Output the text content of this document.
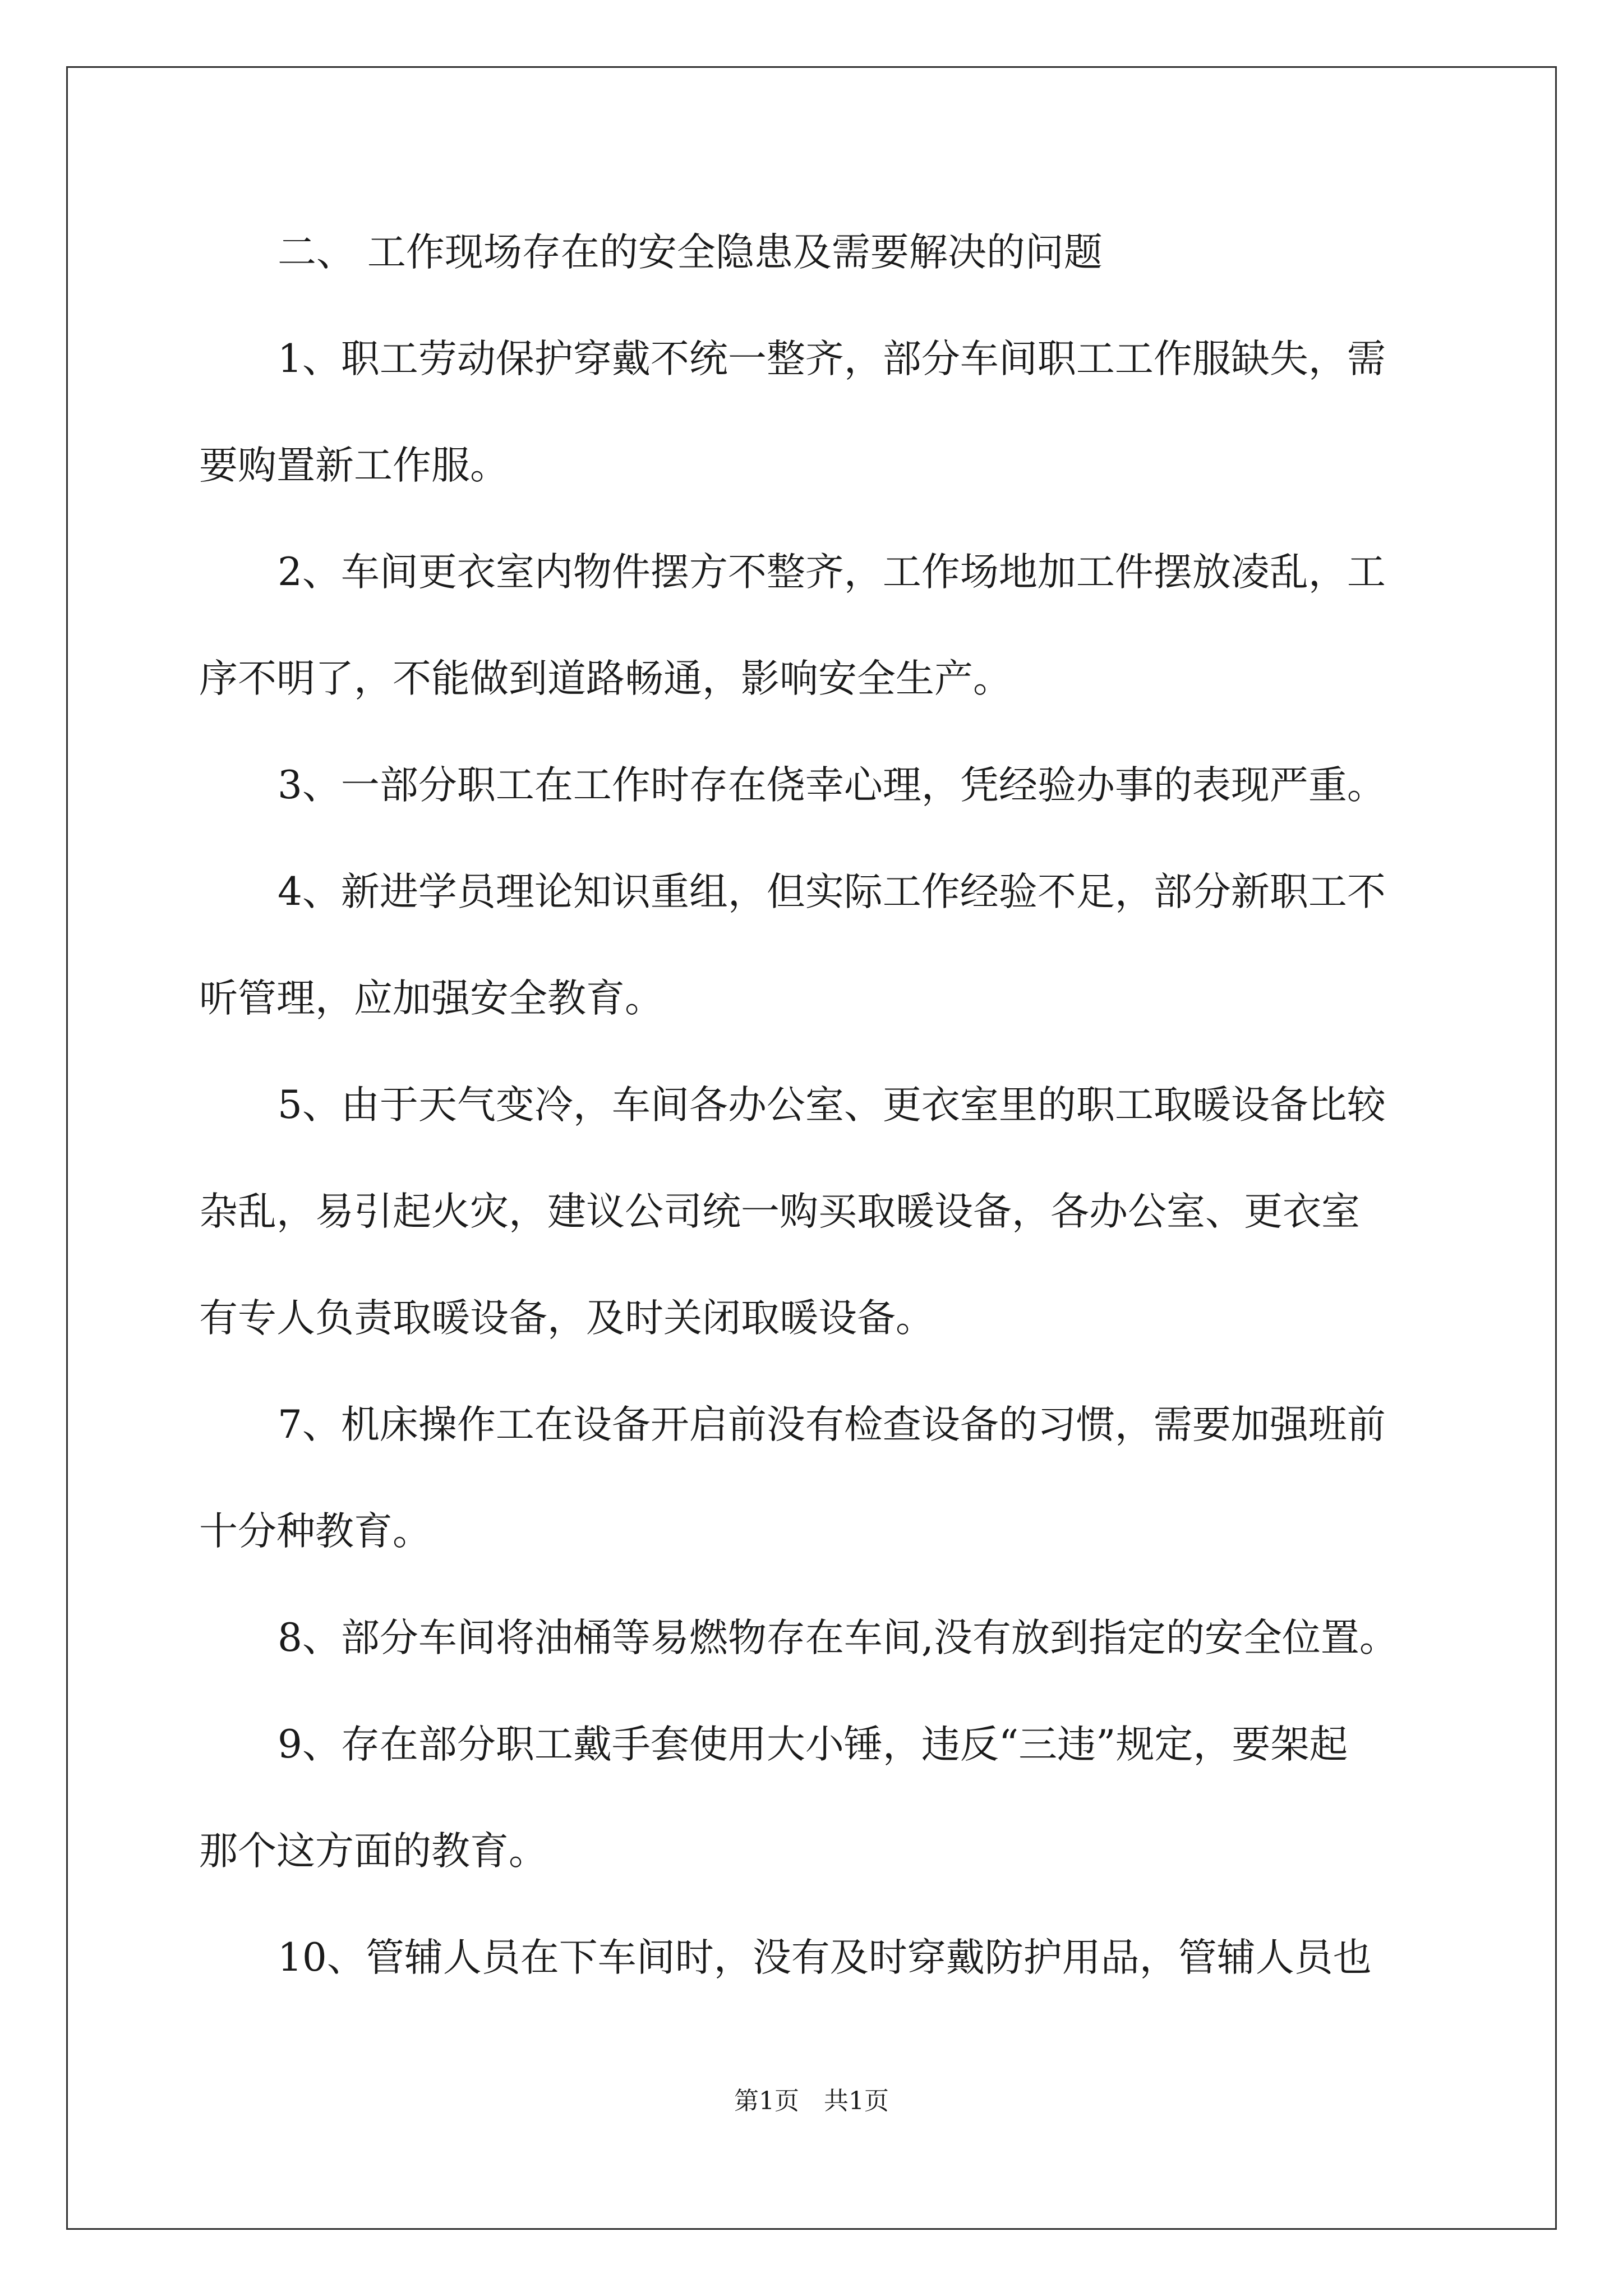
二、 工作现场存在的安全隐患及需要解决的问题
1、职工劳动保护穿戴不统一整齐，部分车间职工工作服缺失，需
要购置新工作服。
2、车间更衣室内物件摆方不整齐，工作场地加工件摆放凌乱，工
序不明了，不能做到道路畅通，影响安全生产。
3、一部分职工在工作时存在侥幸心理，凭经验办事的表现严重。
4、新进学员理论知识重组，但实际工作经验不足，部分新职工不
听管理，应加强安全教育。
5、由于天气变冷，车间各办公室、更衣室里的职工取暖设备比较
杂乱，易引起火灾，建议公司统一购买取暖设备，各办公室、更衣室
有专人负责取暖设备，及时关闭取暖设备。
7、机床操作工在设备开启前没有检查设备的习惯，需要加强班前
十分种教育。
8、部分车间将油桶等易燃物存在车间,没有放到指定的安全位置。
9、存在部分职工戴手套使用大小锤，违反“三违”规定，要架起
那个这方面的教育。
10、管辅人员在下车间时，没有及时穿戴防护用品，管辅人员也
第1页　共1页
